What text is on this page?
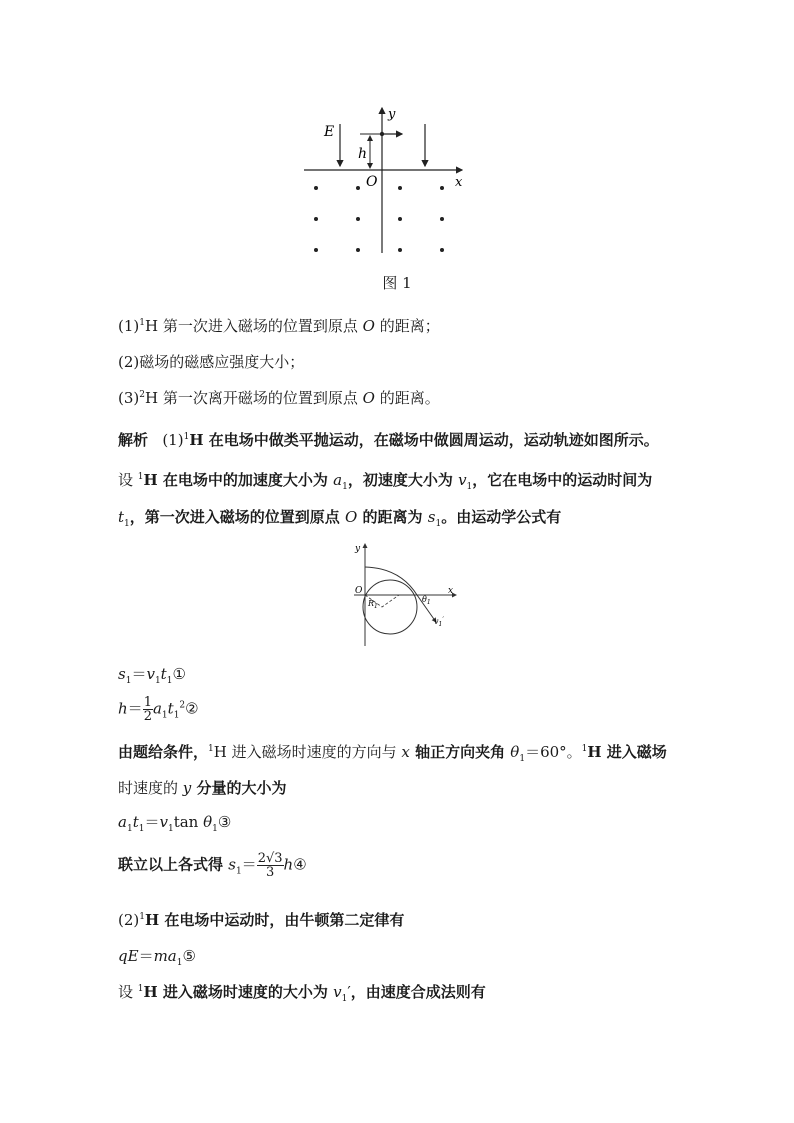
E
h
O	x
y
图 1
$(1)^1H$ 第一次进入磁场的位置到原点 O 的距离；
(2)磁场的磁感应强度大小；
$(3)^2H$ 第一次离开磁场的位置到原点 O 的距离。
解析 $(1)^1H$ 在电场中做类平抛运动，在磁场中做圆周运动，运动轨迹如图所示。
设 $^1$H 在电场中的加速度大小为 $a_1$，初速度大小为 $v_1$，它在电场中的运动时间为
$t_1$，第一次进入磁场的位置到原点 O 的距离为 $s_1$。由运动学公式有
y
O	x
$R_1$
$\theta_1$
$v_1'$
$s_1=v_1t_1①$
$h= \frac{1}{2}$ $a_1t_1^2②$
由题给条件，$^1$H 进入磁场时速度的方向与 x 轴正方向夹角 $\theta_1=60^\circ$。$^1$H 进入磁场
时速度的 y 分量的大小为
$a_1t_1=v_1\tan$ $\theta_1③$
联立以上各式得 $s_1= \frac{2√3}{3}$ h④
$(2)^1H$ 在电场中运动时，由牛顿第二定律有
$qE=ma_1⑤$
设 $^1$H 进入磁场时速度的大小为 $v_1'$，由速度合成法则有
